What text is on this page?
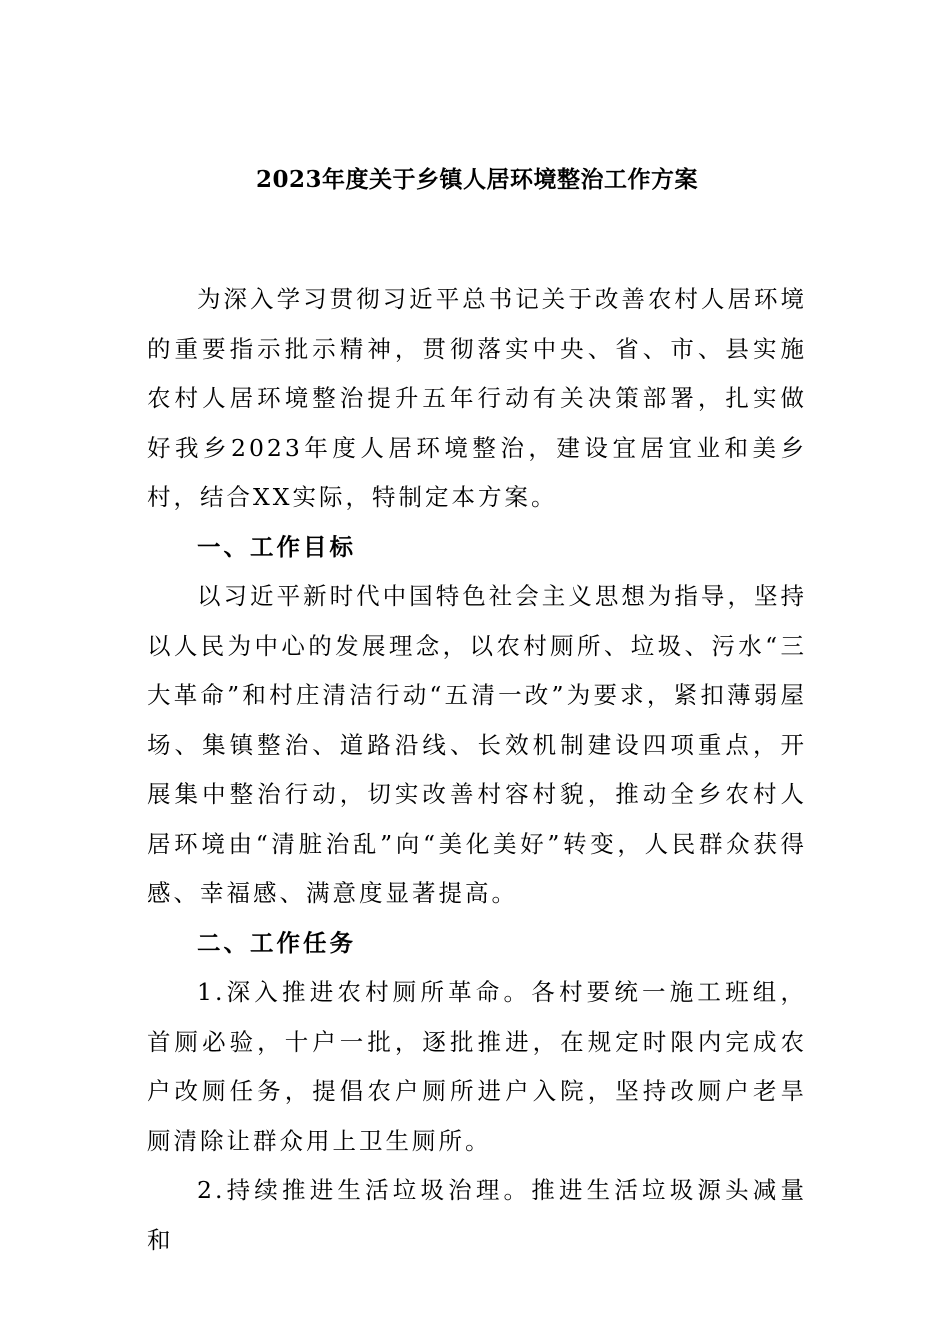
2023年度关于乡镇人居环境整治工作方案

为深入学习贯彻习近平总书记关于改善农村人居环境的重要指示批示精神，贯彻落实中央、省、市、县实施农村人居环境整治提升五年行动有关决策部署，扎实做好我乡2023年度人居环境整治，建设宜居宜业和美乡村，结合XX实际，特制定本方案。

一、工作目标

以习近平新时代中国特色社会主义思想为指导，坚持以人民为中心的发展理念，以农村厕所、垃圾、污水“三大革命”和村庄清洁行动“五清一改”为要求，紧扣薄弱屋场、集镇整治、道路沿线、长效机制建设四项重点，开展集中整治行动，切实改善村容村貌，推动全乡农村人居环境由“清脏治乱”向“美化美好”转变，人民群众获得感、幸福感、满意度显著提高。

二、工作任务

1.深入推进农村厕所革命。各村要统一施工班组，首厕必验，十户一批，逐批推进，在规定时限内完成农户改厕任务，提倡农户厕所进户入院，坚持改厕户老旱厕清除让群众用上卫生厕所。

2.持续推进生活垃圾治理。推进生活垃圾源头减量和
